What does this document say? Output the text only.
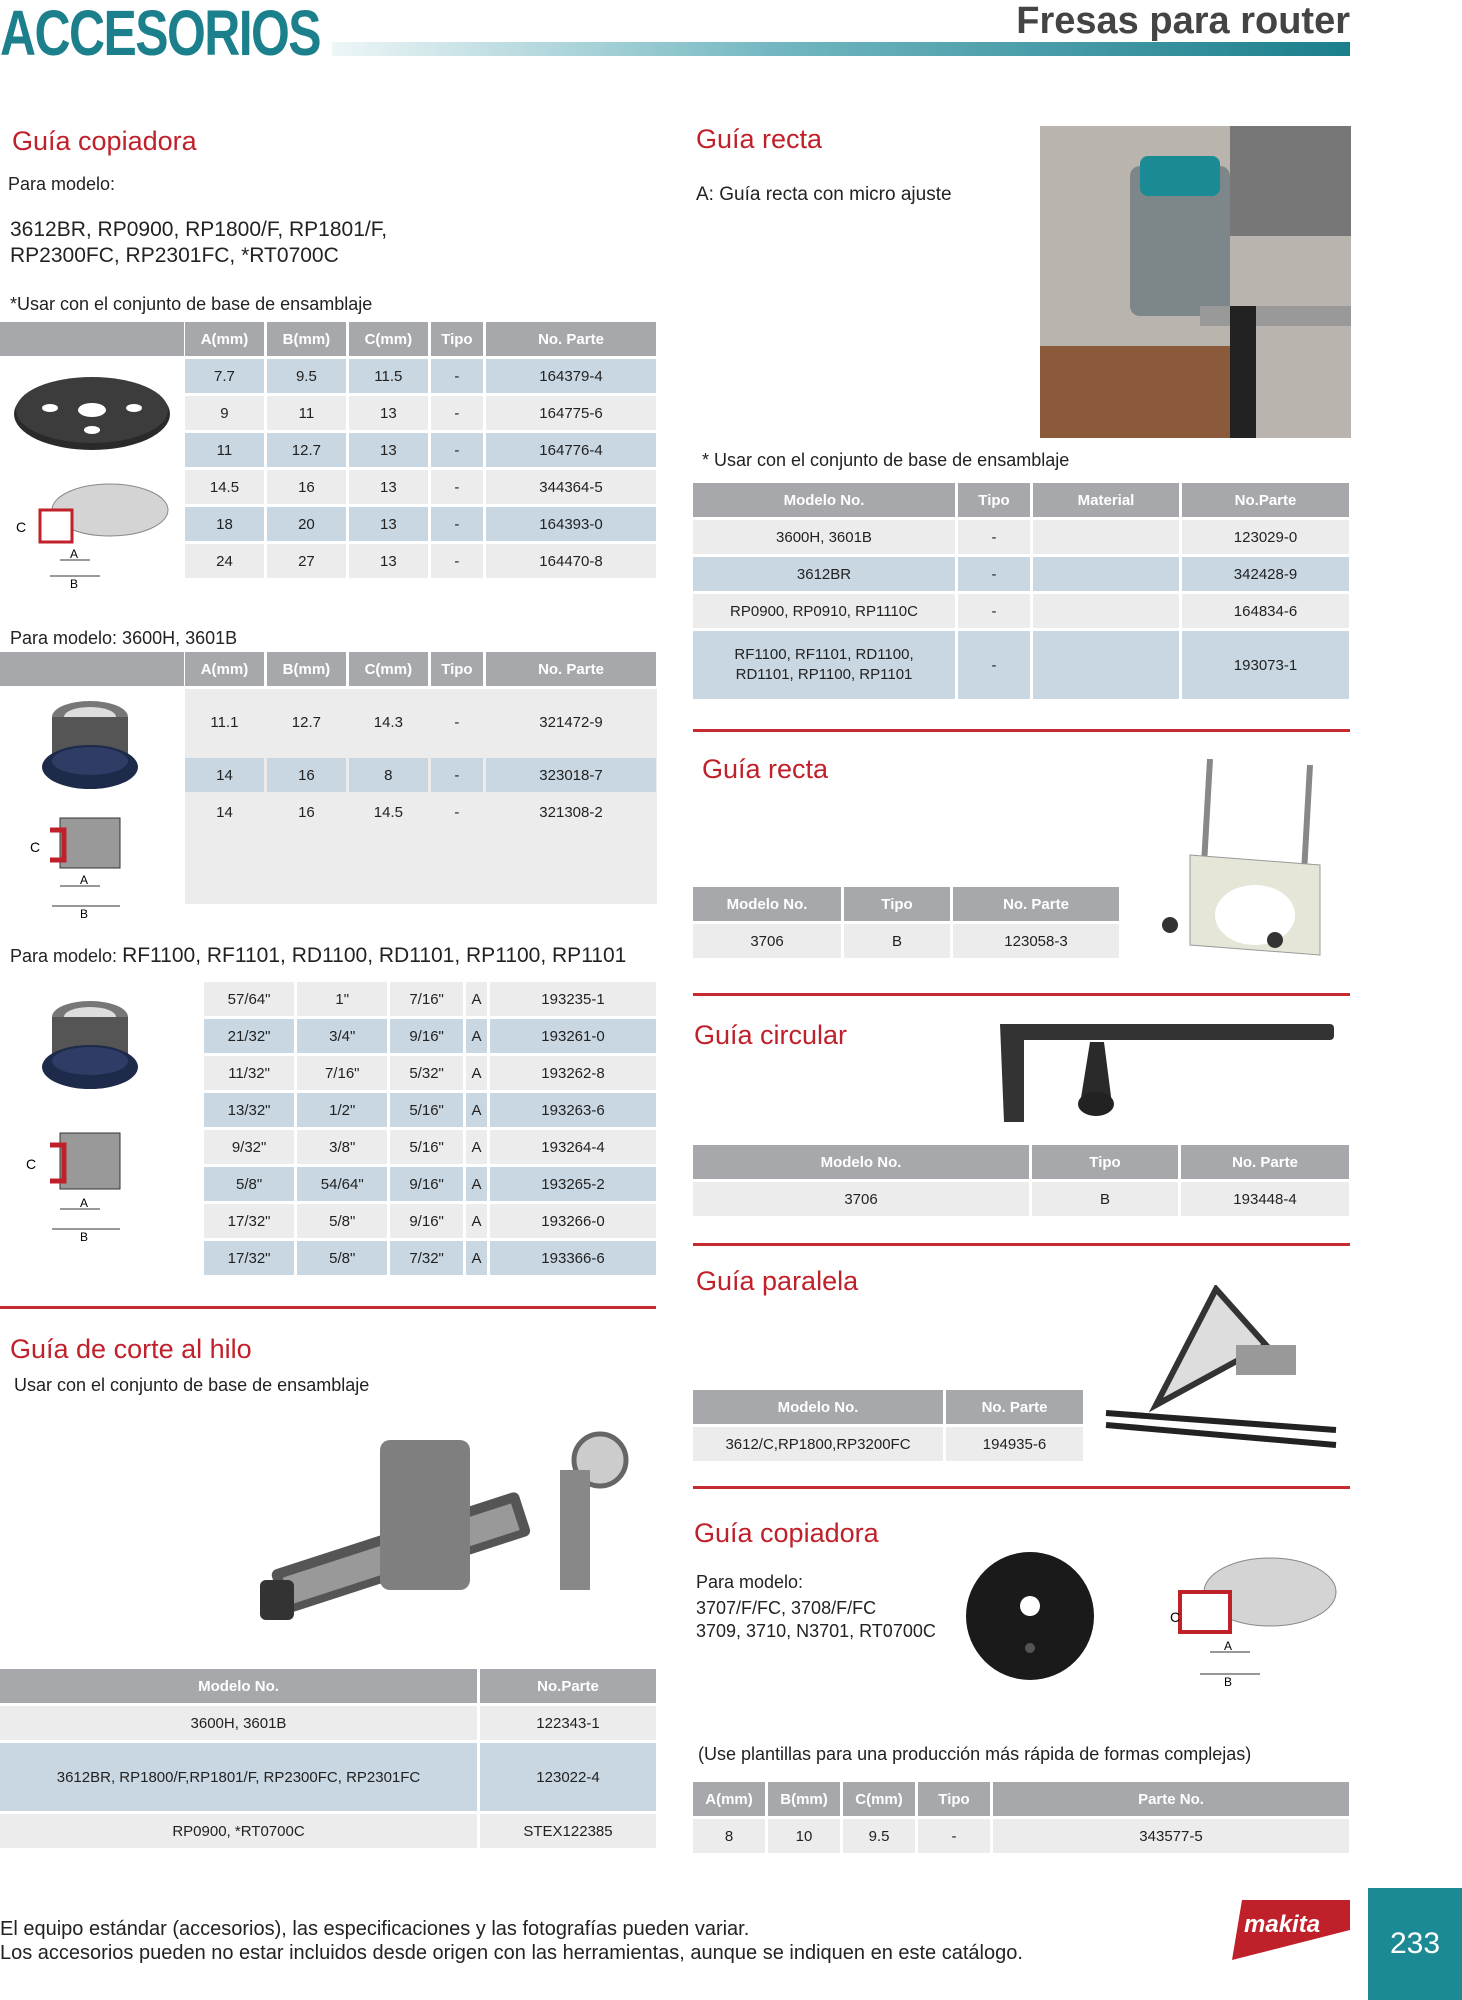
ACCESORIOS	Fresas para router
Guía copiadora
Para modelo:
3612BR, RP0900, RP1800/F, RP1801/F,
RP2300FC, RP2301FC, *RT0700C
*Usar con el conjunto de base de ensamblaje
A(mm)	B(mm)	C(mm)	Tipo	No. Parte
7.7	9.5	11.5	-	164379-4
9	11	13	-	164775-6
11	12.7	13	-	164776-4
14.5	16	13	-	344364-5
18	20	13	-	164393-0
24	27	13	-	164470-8
A
B
C
Para modelo: 3600H, 3601B
A(mm)	B(mm)	C(mm)	Tipo	No. Parte
11.1	12.7	14.3	-	321472-9
14	16	8	-	323018-7
14	16	14.5	-	321308-2
C
A
B
Para modelo: RF1100, RF1101, RD1100, RD1101, RP1100, RP1101
57/64"	1"	7/16"	A	193235-1
21/32"	3/4"	9/16"	A	193261-0
11/32"	7/16"	5/32"	A	193262-8
13/32"	1/2"	5/16"	A	193263-6
9/32"	3/8"	5/16"	A	193264-4
5/8"	54/64"	9/16"	A	193265-2
17/32"	5/8"	9/16"	A	193266-0
17/32"	5/8"	7/32"	A	193366-6
C
A
B
Guía de corte al hilo
Usar con el conjunto de base de ensamblaje
Modelo No.	No.Parte
3600H, 3601B	122343-1
3612BR, RP1800/F,RP1801/F, RP2300FC, RP2301FC	123022-4
RP0900, *RT0700C	STEX122385
Guía recta
A: Guía recta con micro ajuste
* Usar con el conjunto de base de ensamblaje
Modelo No.	Tipo	Material	No.Parte
3600H, 3601B	-		123029-0
3612BR	-		342428-9
RP0900, RP0910, RP1110C	-		164834-6
RF1100, RF1101, RD1100,
RD1101, RP1100, RP1101	-		193073-1
Guía recta
Modelo No.	Tipo	No. Parte
3706	B	123058-3
Guía circular
Modelo No.	Tipo	No. Parte
3706	B	193448-4
Guía paralela
Modelo No.	No. Parte
3612/C,RP1800,RP3200FC	194935-6
Guía copiadora
Para modelo:
3707/F/FC, 3708/F/FC
3709, 3710, N3701, RT0700C
C
A
B
(Use plantillas para una producción más rápida de formas complejas)
A(mm)	B(mm)	C(mm)	Tipo	Parte No.
8	10	9.5	-	343577-5
El equipo estándar (accesorios), las especificaciones y las fotografías pueden variar.
Los accesorios pueden no estar incluidos desde origen con las herramientas, aunque se indiquen en este catálogo.
makita
233
